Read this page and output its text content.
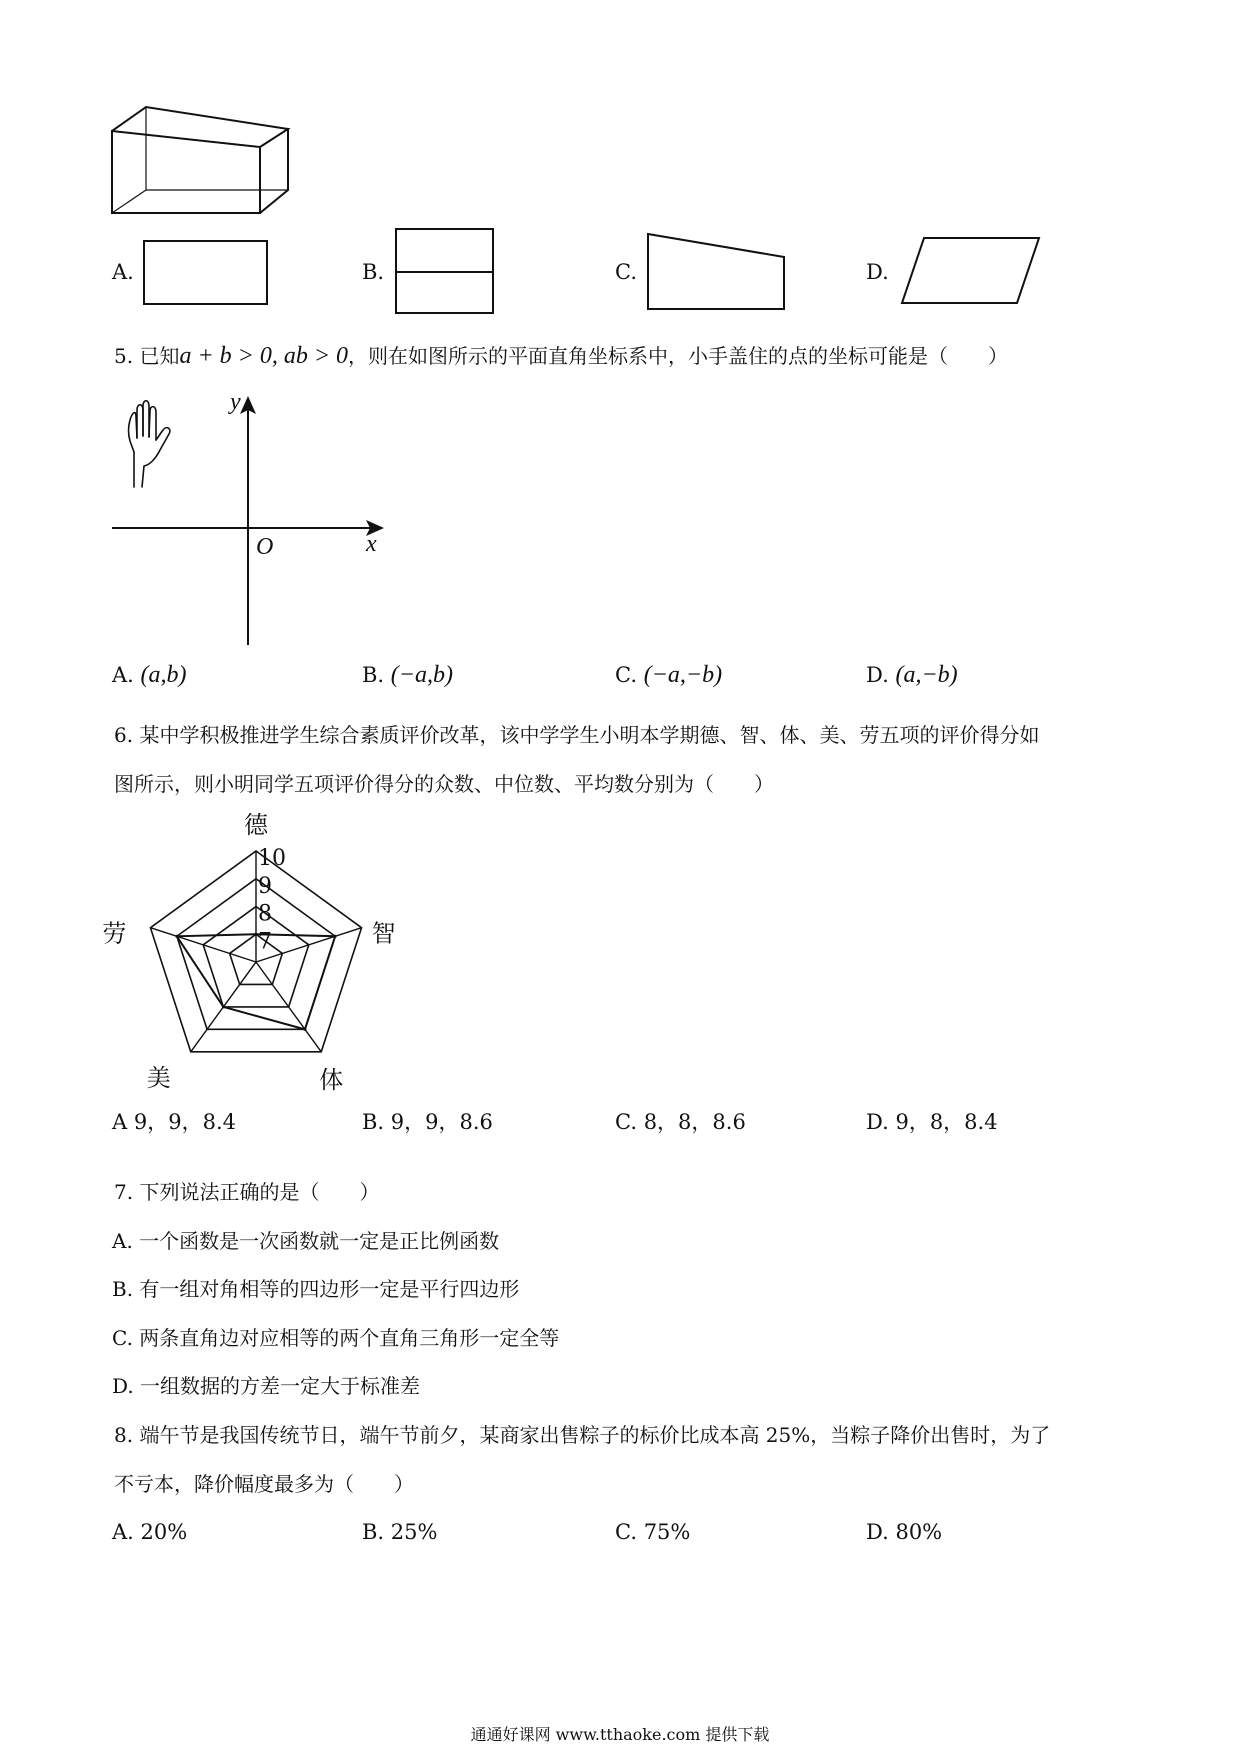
A.	B.	C.	D.
5. 已知a + b > 0, ab > 0，则在如图所示的平面直角坐标系中，小手盖住的点的坐标可能是（　　）
y
x
O
A. (a,b)	B. (−a,b)	C. (−a,−b)	D. (a,−b)
6. 某中学积极推进学生综合素质评价改革，该中学学生小明本学期德、智、体、美、劳五项的评价得分如
图所示，则小明同学五项评价得分的众数、中位数、平均数分别为（　　）
10
9
8
7
德
智
体
美
劳
A 9，9，8.4	B. 9，9，8.6	C. 8，8，8.6	D. 9，8，8.4
7. 下列说法正确的是（　　）
A. 一个函数是一次函数就一定是正比例函数
B. 有一组对角相等的四边形一定是平行四边形
C. 两条直角边对应相等的两个直角三角形一定全等
D. 一组数据的方差一定大于标准差
8. 端午节是我国传统节日，端午节前夕，某商家出售粽子的标价比成本高 25%，当粽子降价出售时，为了
不亏本，降价幅度最多为（　　）
A. 20%	B. 25%	C. 75%	D. 80%
通通好课网 www.tthaoke.com 提供下载
